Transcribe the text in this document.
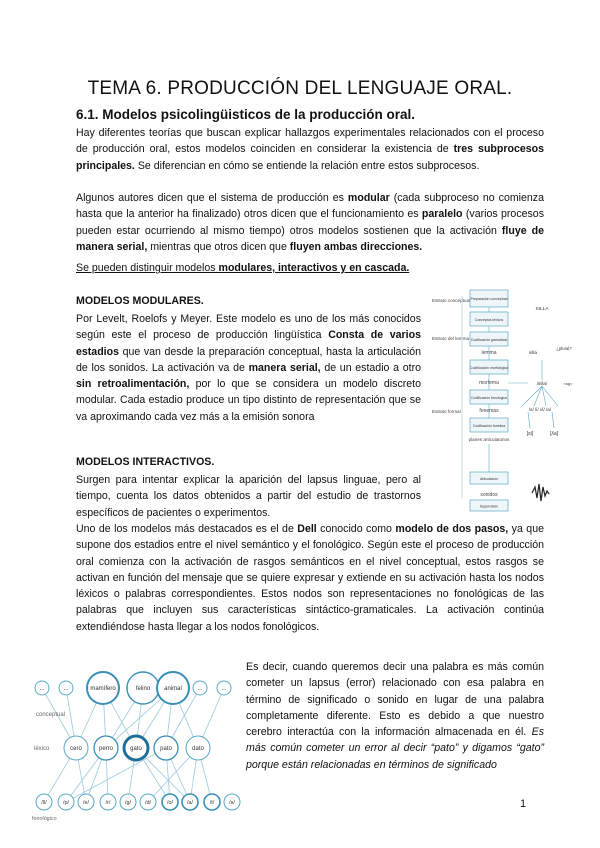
TEMA 6. PRODUCCIÓN DEL LENGUAJE ORAL.
6.1. Modelos psicolingüisticos de la producción oral.
Hay diferentes teorías que buscan explicar hallazgos experimentales relacionados con el proceso de producción oral, estos modelos coinciden en considerar la existencia de tres subprocesos principales. Se diferencian en cómo se entiende la relación entre estos subprocesos.
Algunos autores dicen que el sistema de producción es modular (cada subproceso no comienza hasta que la anterior ha finalizado) otros dicen que el funcionamiento es paralelo (varios procesos pueden estar ocurriendo al mismo tiempo) otros modelos sostienen que la activación fluye de manera serial, mientras que otros dicen que fluyen ambas direcciones.
Se pueden distinguir modelos modulares, interactivos y en cascada.
MODELOS MODULARES.
Por Levelt, Roelofs y Meyer. Este modelo es uno de los más conocidos según este el proceso de producción lingüística Consta de varios estadios que van desde la preparación conceptual, hasta la articulación de los sonidos. La activación va de manera serial, de un estadio a otro sin retroalimentación, por lo que se considera un modelo discreto modular. Cada estadio produce un tipo distinto de representación que se va aproximando cada vez más a la emisión sonora
MODELOS INTERACTIVOS.
Surgen para intentar explicar la aparición del lapsus linguae, pero al tiempo, cuenta los datos obtenidos a partir del estudio de trastornos específicos de pacientes o experimentos.
Uno de los modelos más destacados es el de Dell conocido como modelo de dos pasos, ya que supone dos estadios entre el nivel semántico y el fonológico. Según este el proceso de producción oral comienza con la activación de rasgos semánticos en el nivel conceptual, estos rasgos se activan en función del mensaje que se quiere expresar y extiende en su activación hasta los nodos léxicos o palabras correspondientes. Estos nodos son representaciones no fonológicas de las palabras que incluyen sus características sintáctico-gramaticales. La activación continúa extendiéndose hasta llegar a los nodos fonológicos.
Es decir, cuando queremos decir una palabra es más común cometer un lapsus (error) relacionado con esa palabra en término de significado o sonido en lugar de una palabra completamente diferente. Esto es debido a que nuestro cerebro interactúa con la información almacenada en él. Es más común cometer un error al decir “pato” y digamos “gato” porque están relacionadas en términos de significado
Estrato conceptual
Estrato del lemma
Estrato formal
Preparación conceptual
Conceptos léxicos
Codificación gramatical
lemma
Codificación morfológica
morfema
Codificación fonológica
fonemas
Codificación fonética
planes articulatorios
Articulación
sonidos
Supervisión
SILLA
silla
¿plural?
/silla/
/s/ /i/ /ʎ/ /a/
[si]	[ʎa]
<sg>
...	...	mamífero	felino animal	...	...
conceptual
léxico
fonológico
cero	perro	gato	pato	dato
/ll/	/p/	/e/	/r/	/g/	/d/	/o/	/a/	/t/	/s/	1
